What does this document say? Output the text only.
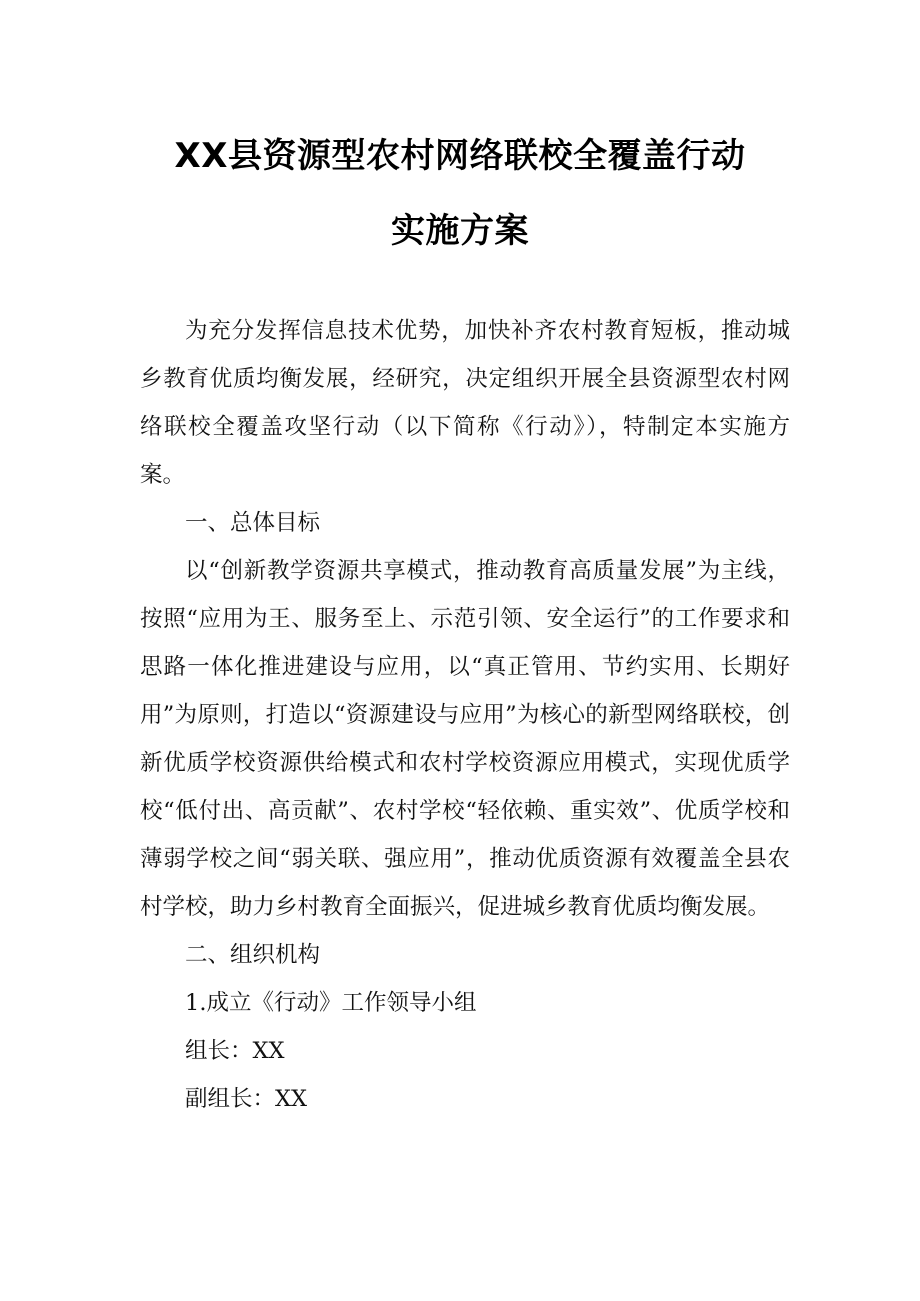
XX县资源型农村网络联校全覆盖行动
实施方案

为充分发挥信息技术优势，加快补齐农村教育短板，推动城乡教育优质均衡发展，经研究，决定组织开展全县资源型农村网络联校全覆盖攻坚行动（以下简称《行动》），特制定本实施方案。

一、总体目标

以“创新教学资源共享模式，推动教育高质量发展”为主线，按照“应用为王、服务至上、示范引领、安全运行”的工作要求和思路一体化推进建设与应用，以“真正管用、节约实用、长期好用”为原则，打造以“资源建设与应用”为核心的新型网络联校，创新优质学校资源供给模式和农村学校资源应用模式，实现优质学校“低付出、高贡献”、农村学校“轻依赖、重实效”、优质学校和薄弱学校之间“弱关联、强应用”，推动优质资源有效覆盖全县农村学校，助力乡村教育全面振兴，促进城乡教育优质均衡发展。

二、组织机构

1.成立《行动》工作领导小组

组长：XX

副组长：XX
